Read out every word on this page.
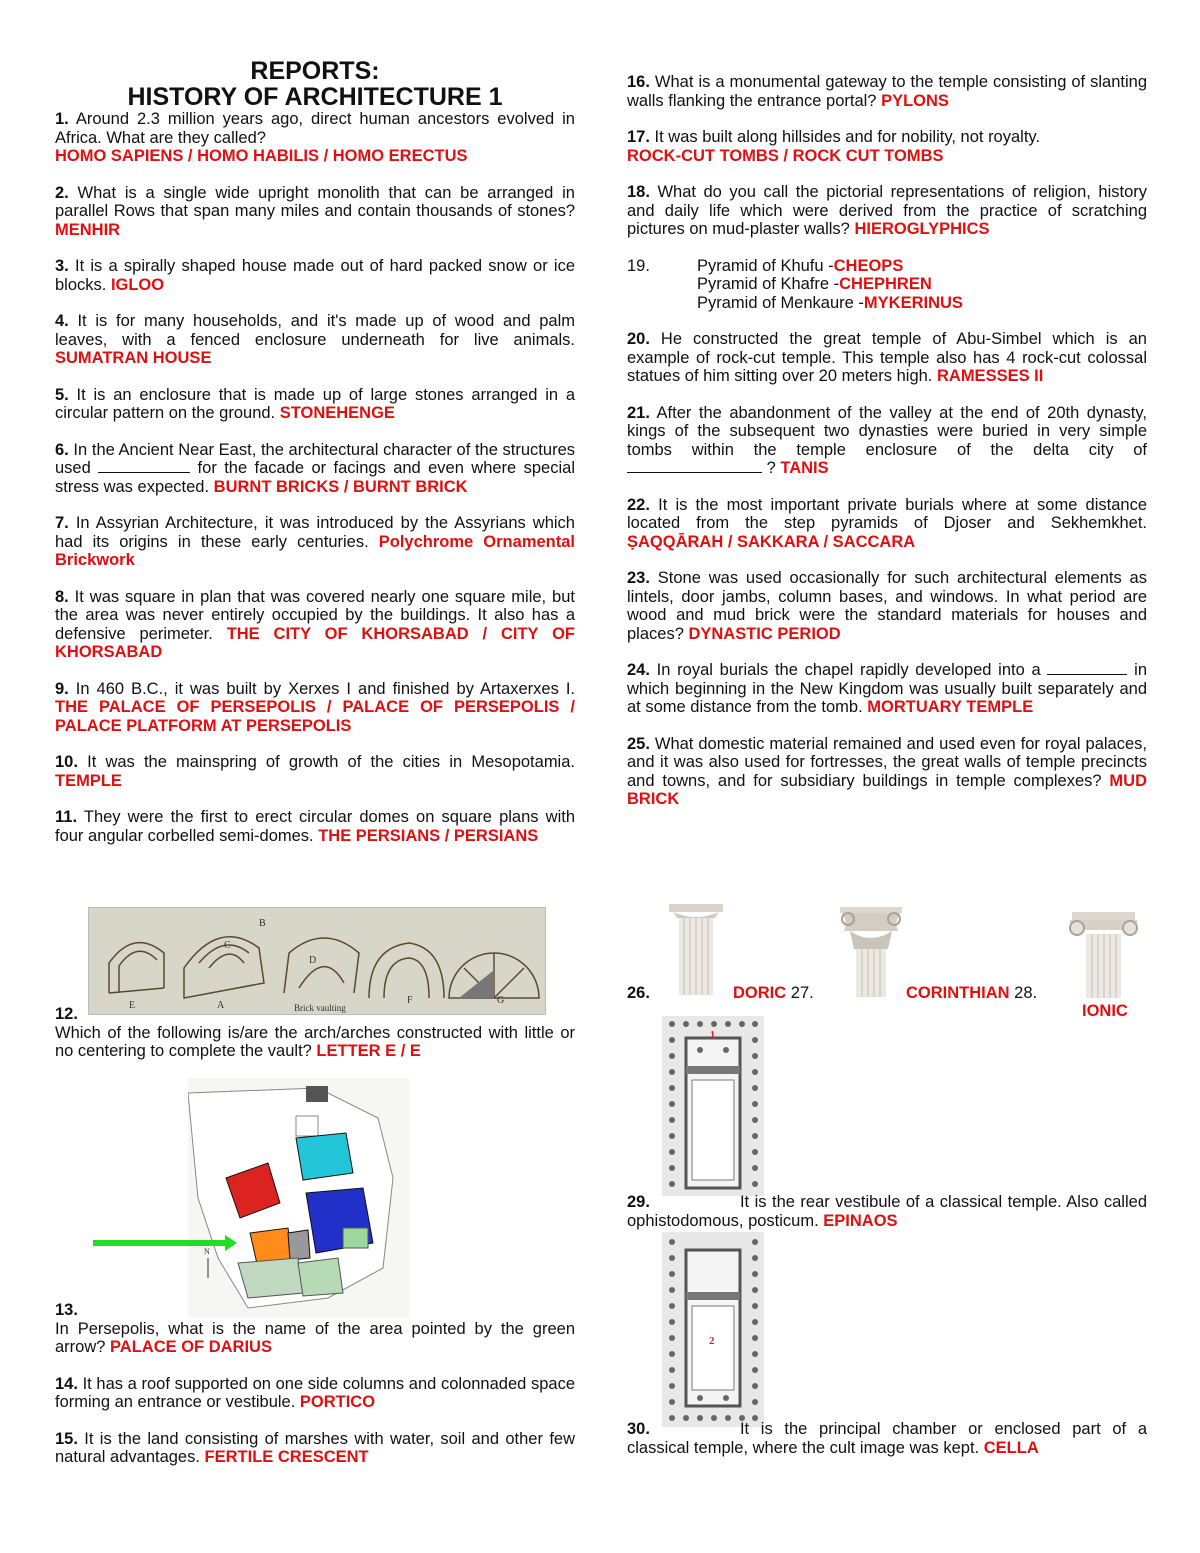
REPORTS:
HISTORY OF ARCHITECTURE 1
1. Around 2.3 million years ago, direct human ancestors evolved in Africa. What are they called?
HOMO SAPIENS / HOMO HABILIS / HOMO ERECTUS
2. What is a single wide upright monolith that can be arranged in parallel Rows that span many miles and contain thousands of stones? MENHIR
3. It is a spirally shaped house made out of hard packed snow or ice blocks. IGLOO
4. It is for many households, and it's made up of wood and palm leaves, with a fenced enclosure underneath for live animals. SUMATRAN HOUSE
5. It is an enclosure that is made up of large stones arranged in a circular pattern on the ground. STONEHENGE
6. In the Ancient Near East, the architectural character of the structures used	for the facade or facings and even where special stress was expected. BURNT BRICKS / BURNT BRICK
7. In Assyrian Architecture, it was introduced by the Assyrians which had its origins in these early centuries. Polychrome Ornamental Brickwork
8. It was square in plan that was covered nearly one square mile, but the area was never entirely occupied by the buildings. It also has a defensive perimeter. THE CITY OF KHORSABAD / CITY OF KHORSABAD
9. In 460 B.C., it was built by Xerxes I and finished by Artaxerxes I. THE PALACE OF PERSEPOLIS / PALACE OF PERSEPOLIS / PALACE PLATFORM AT PERSEPOLIS
10. It was the mainspring of growth of the cities in Mesopotamia. TEMPLE
11. They were the first to erect circular domes on square plans with four angular corbelled semi-domes. THE PERSIANS / PERSIANS
E	A
B
C
D
F	G
Brick vaulting
12.
Which of the following is/are the arch/arches constructed with little or no centering to complete the vault? LETTER E / E
N
13.
In Persepolis, what is the name of the area pointed by the green arrow? PALACE OF DARIUS
14. It has a roof supported on one side columns and colonnaded space forming an entrance or vestibule. PORTICO
15. It is the land consisting of marshes with water, soil and other few natural advantages. FERTILE CRESCENT
16. What is a monumental gateway to the temple consisting of slanting walls flanking the entrance portal? PYLONS
17. It was built along hillsides and for nobility, not royalty.
ROCK-CUT TOMBS / ROCK CUT TOMBS
18. What do you call the pictorial representations of religion, history and daily life which were derived from the practice of scratching pictures on mud-plaster walls? HIEROGLYPHICS
19.	Pyramid of Khufu - CHEOPS
Pyramid of Khafre - CHEPHREN
Pyramid of Menkaure - MYKERINUS
20. He constructed the great temple of Abu-Simbel which is an example of rock-cut temple. This temple also has 4 rock-cut colossal statues of him sitting over 20 meters high. RAMESSES II
21. After the abandonment of the valley at the end of 20th dynasty, kings of the subsequent two dynasties were buried in very simple tombs within the temple enclosure of the delta city of  ? TANIS
22. It is the most important private burials where at some distance located from the step pyramids of Djoser and Sekhemkhet. ṢAQQĀRAH / SAKKARA / SACCARA
23. Stone was used occasionally for such architectural elements as lintels, door jambs, column bases, and windows. In what period are wood and mud brick were the standard materials for houses and places? DYNASTIC PERIOD
24. In royal burials the chapel rapidly developed into a	in which beginning in the New Kingdom was usually built separately and at some distance from the tomb. MORTUARY TEMPLE
25. What domestic material remained and used even for royal palaces, and it was also used for fortresses, the great walls of temple precincts and towns, and for subsidiary buildings in temple complexes? MUD BRICK
26.	DORIC 27.	CORINTHIAN 28.
IONIC
1
29.	It is the rear vestibule of a classical temple. Also called ophistodomous, posticum. EPINAOS
2
30.	It is the principal chamber or enclosed part of a classical temple, where the cult image was kept. CELLA
